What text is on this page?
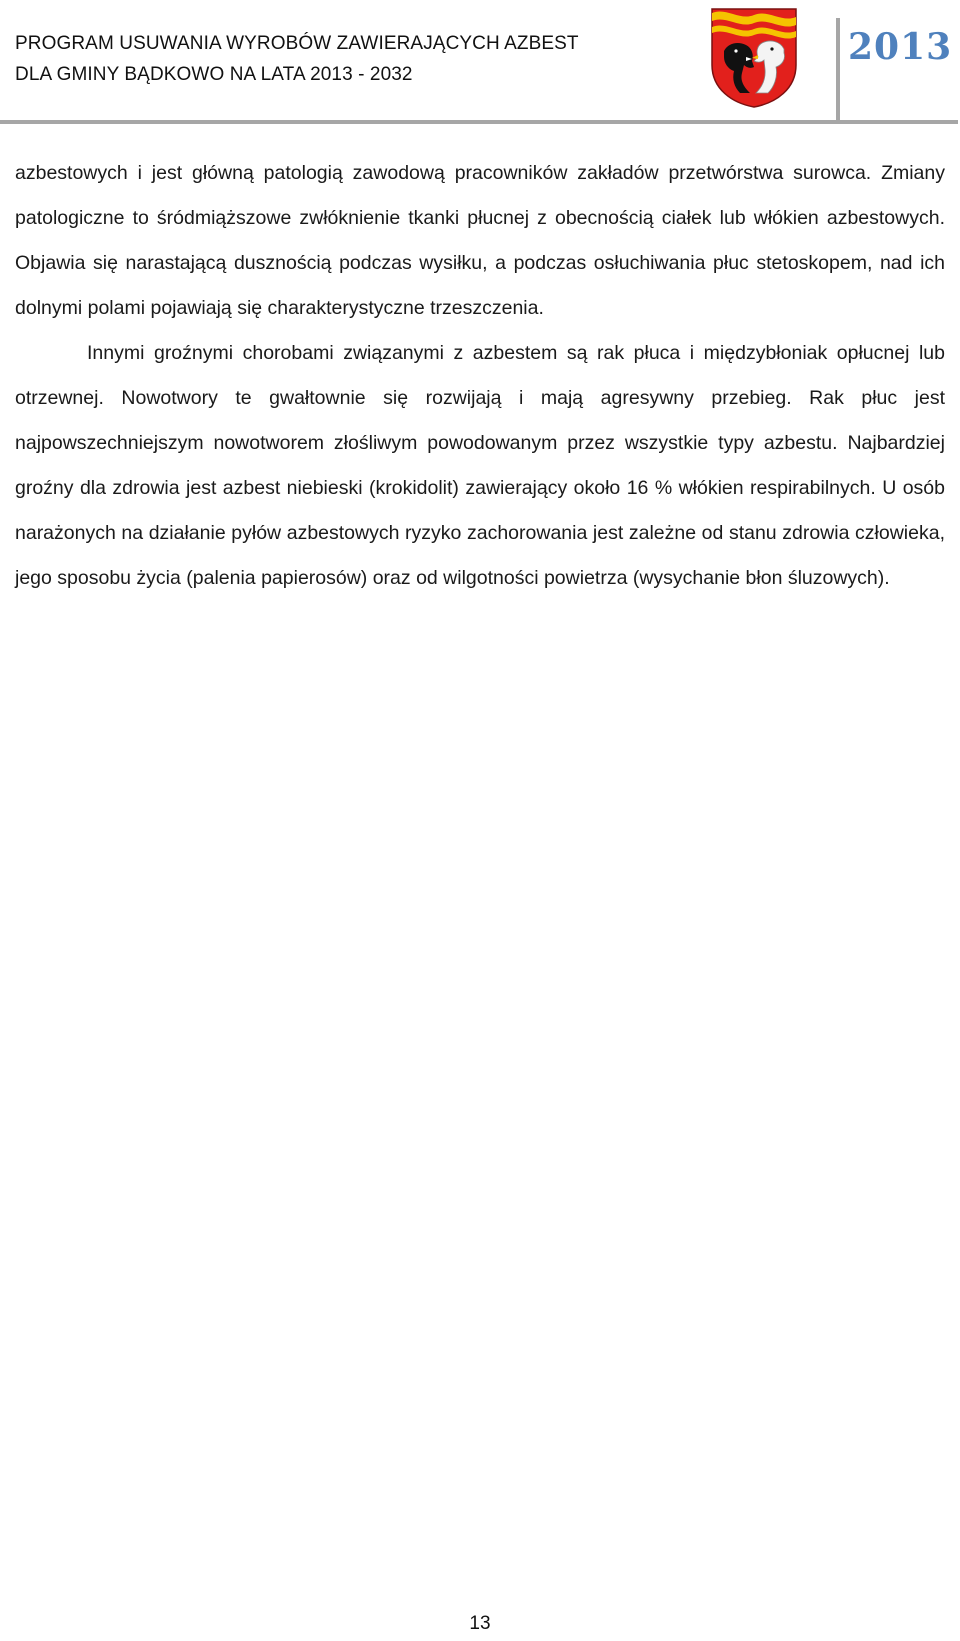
PROGRAM USUWANIA WYROBÓW ZAWIERAJĄCYCH AZBEST
DLA GMINY BĄDKOWO NA LATA 2013 - 2032
2013

azbestowych i jest główną patologią zawodową pracowników zakładów przetwórstwa surowca. Zmiany patologiczne to śródmiąższowe zwłóknienie tkanki płucnej z obecnością ciałek lub włókien azbestowych. Objawia się narastającą dusznością podczas wysiłku, a podczas osłuchiwania płuc stetoskopem, nad ich dolnymi polami pojawiają się charakterystyczne trzeszczenia.

Innymi groźnymi chorobami związanymi z azbestem są rak płuca i międzybłoniak opłucnej lub otrzewnej. Nowotwory te gwałtownie się rozwijają i mają agresywny przebieg. Rak płuc jest najpowszechniejszym nowotworem złośliwym powodowanym przez wszystkie typy azbestu. Najbardziej groźny dla zdrowia jest azbest niebieski (krokidolit) zawierający około 16 % włókien respirabilnych. U osób narażonych na działanie pyłów azbestowych ryzyko zachorowania jest zależne od stanu zdrowia człowieka, jego sposobu życia (palenia papierosów) oraz od wilgotności powietrza (wysychanie błon śluzowych).

13
